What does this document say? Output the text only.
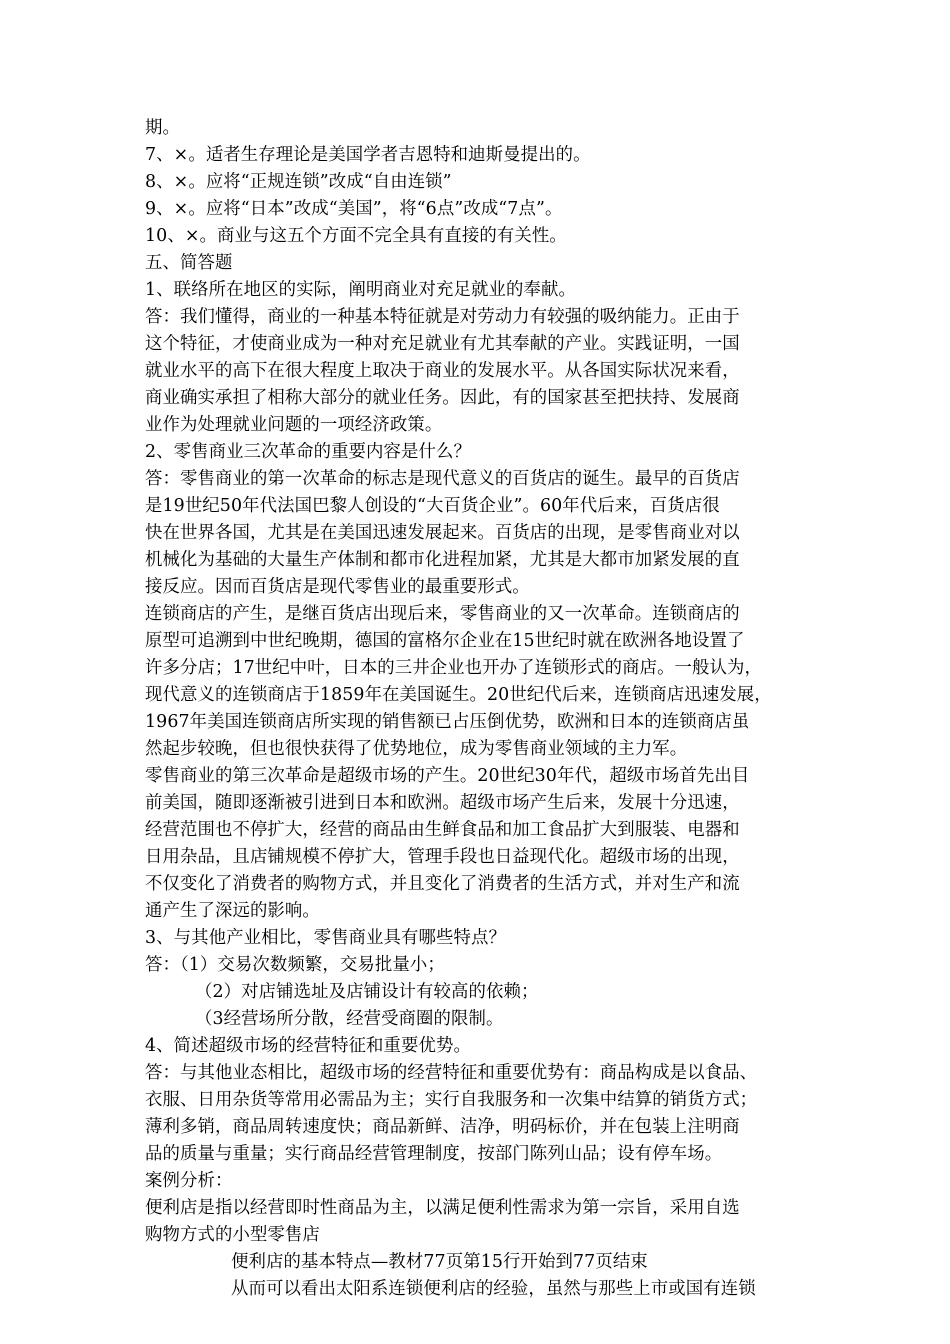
期。
7、×。适者生存理论是美国学者吉恩特和迪斯曼提出的。
8、×。应将“正规连锁”改成“自由连锁”
9、×。应将“日本”改成“美国”，将“6点”改成“7点”。
10、×。商业与这五个方面不完全具有直接的有关性。
五、简答题
1、联络所在地区的实际，阐明商业对充足就业的奉献。
答：我们懂得，商业的一种基本特征就是对劳动力有较强的吸纳能力。正由于
这个特征，才使商业成为一种对充足就业有尤其奉献的产业。实践证明，一国
就业水平的高下在很大程度上取决于商业的发展水平。从各国实际状况来看，
商业确实承担了相称大部分的就业任务。因此，有的国家甚至把扶持、发展商
业作为处理就业问题的一项经济政策。
2、零售商业三次革命的重要内容是什么？
答：零售商业的第一次革命的标志是现代意义的百货店的诞生。最早的百货店
是19世纪50年代法国巴黎人创设的“大百货企业”。60年代后来，百货店很
快在世界各国，尤其是在美国迅速发展起来。百货店的出现，是零售商业对以
机械化为基础的大量生产体制和都市化进程加紧，尤其是大都市加紧发展的直
接反应。因而百货店是现代零售业的最重要形式。
连锁商店的产生，是继百货店出现后来，零售商业的又一次革命。连锁商店的
原型可追溯到中世纪晚期，德国的富格尔企业在15世纪时就在欧洲各地设置了
许多分店；17世纪中叶，日本的三井企业也开办了连锁形式的商店。一般认为，
现代意义的连锁商店于1859年在美国诞生。20世纪代后来，连锁商店迅速发展，
1967年美国连锁商店所实现的销售额已占压倒优势，欧洲和日本的连锁商店虽
然起步较晚，但也很快获得了优势地位，成为零售商业领域的主力军。
零售商业的第三次革命是超级市场的产生。20世纪30年代，超级市场首先出目
前美国，随即逐渐被引进到日本和欧洲。超级市场产生后来，发展十分迅速，
经营范围也不停扩大，经营的商品由生鲜食品和加工食品扩大到服装、电器和
日用杂品，且店铺规模不停扩大，管理手段也日益现代化。超级市场的出现，
不仅变化了消费者的购物方式，并且变化了消费者的生活方式，并对生产和流
通产生了深远的影响。
3、与其他产业相比，零售商业具有哪些特点？
答：（1）交易次数频繁，交易批量小；
（2）对店铺选址及店铺设计有较高的依赖；
（3经营场所分散，经营受商圈的限制。
4、简述超级市场的经营特征和重要优势。
答：与其他业态相比，超级市场的经营特征和重要优势有：商品构成是以食品、
衣服、日用杂货等常用必需品为主；实行自我服务和一次集中结算的销货方式；
薄利多销，商品周转速度快；商品新鲜、洁净，明码标价，并在包装上注明商
品的质量与重量；实行商品经营管理制度，按部门陈列山品；设有停车场。
案例分析：
便利店是指以经营即时性商品为主，以满足便利性需求为第一宗旨，采用自选
购物方式的小型零售店
便利店的基本特点—教材77页第15行开始到77页结束
从而可以看出太阳系连锁便利店的经验，虽然与那些上市或国有连锁
